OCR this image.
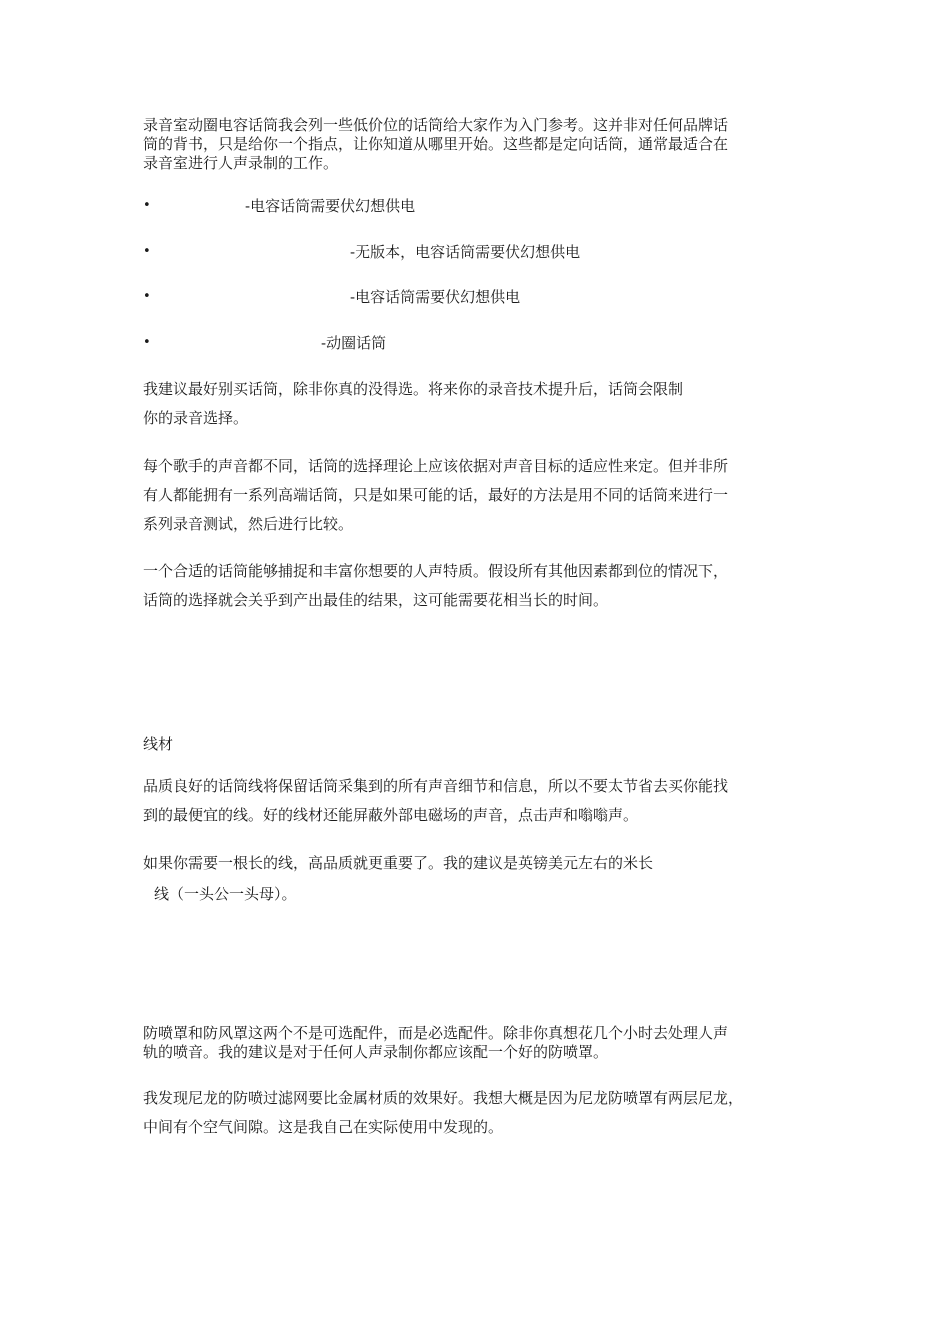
录音室动圈电容话筒我会列一些低价位的话筒给大家作为入门参考。这并非对任何品牌话
筒的背书，只是给你一个指点，让你知道从哪里开始。这些都是定向话筒，通常最适合在
录音室进行人声录制的工作。

•	-电容话筒需要伏幻想供电
•	-无版本，电容话筒需要伏幻想供电
•	-电容话筒需要伏幻想供电
•	-动圈话筒

我建议最好别买话筒，除非你真的没得选。将来你的录音技术提升后，话筒会限制
你的录音选择。

每个歌手的声音都不同，话筒的选择理论上应该依据对声音目标的适应性来定。但并非所
有人都能拥有一系列高端话筒，只是如果可能的话，最好的方法是用不同的话筒来进行一
系列录音测试，然后进行比较。

一个合适的话筒能够捕捉和丰富你想要的人声特质。假设所有其他因素都到位的情况下，
话筒的选择就会关乎到产出最佳的结果，这可能需要花相当长的时间。

线材

品质良好的话筒线将保留话筒采集到的所有声音细节和信息，所以不要太节省去买你能找
到的最便宜的线。好的线材还能屏蔽外部电磁场的声音，点击声和嗡嗡声。

如果你需要一根长的线，高品质就更重要了。我的建议是英镑美元左右的米长
线（一头公一头母）。

防喷罩和防风罩这两个不是可选配件，而是必选配件。除非你真想花几个小时去处理人声
轨的喷音。我的建议是对于任何人声录制你都应该配一个好的防喷罩。

我发现尼龙的防喷过滤网要比金属材质的效果好。我想大概是因为尼龙防喷罩有两层尼龙，
中间有个空气间隙。这是我自己在实际使用中发现的。
